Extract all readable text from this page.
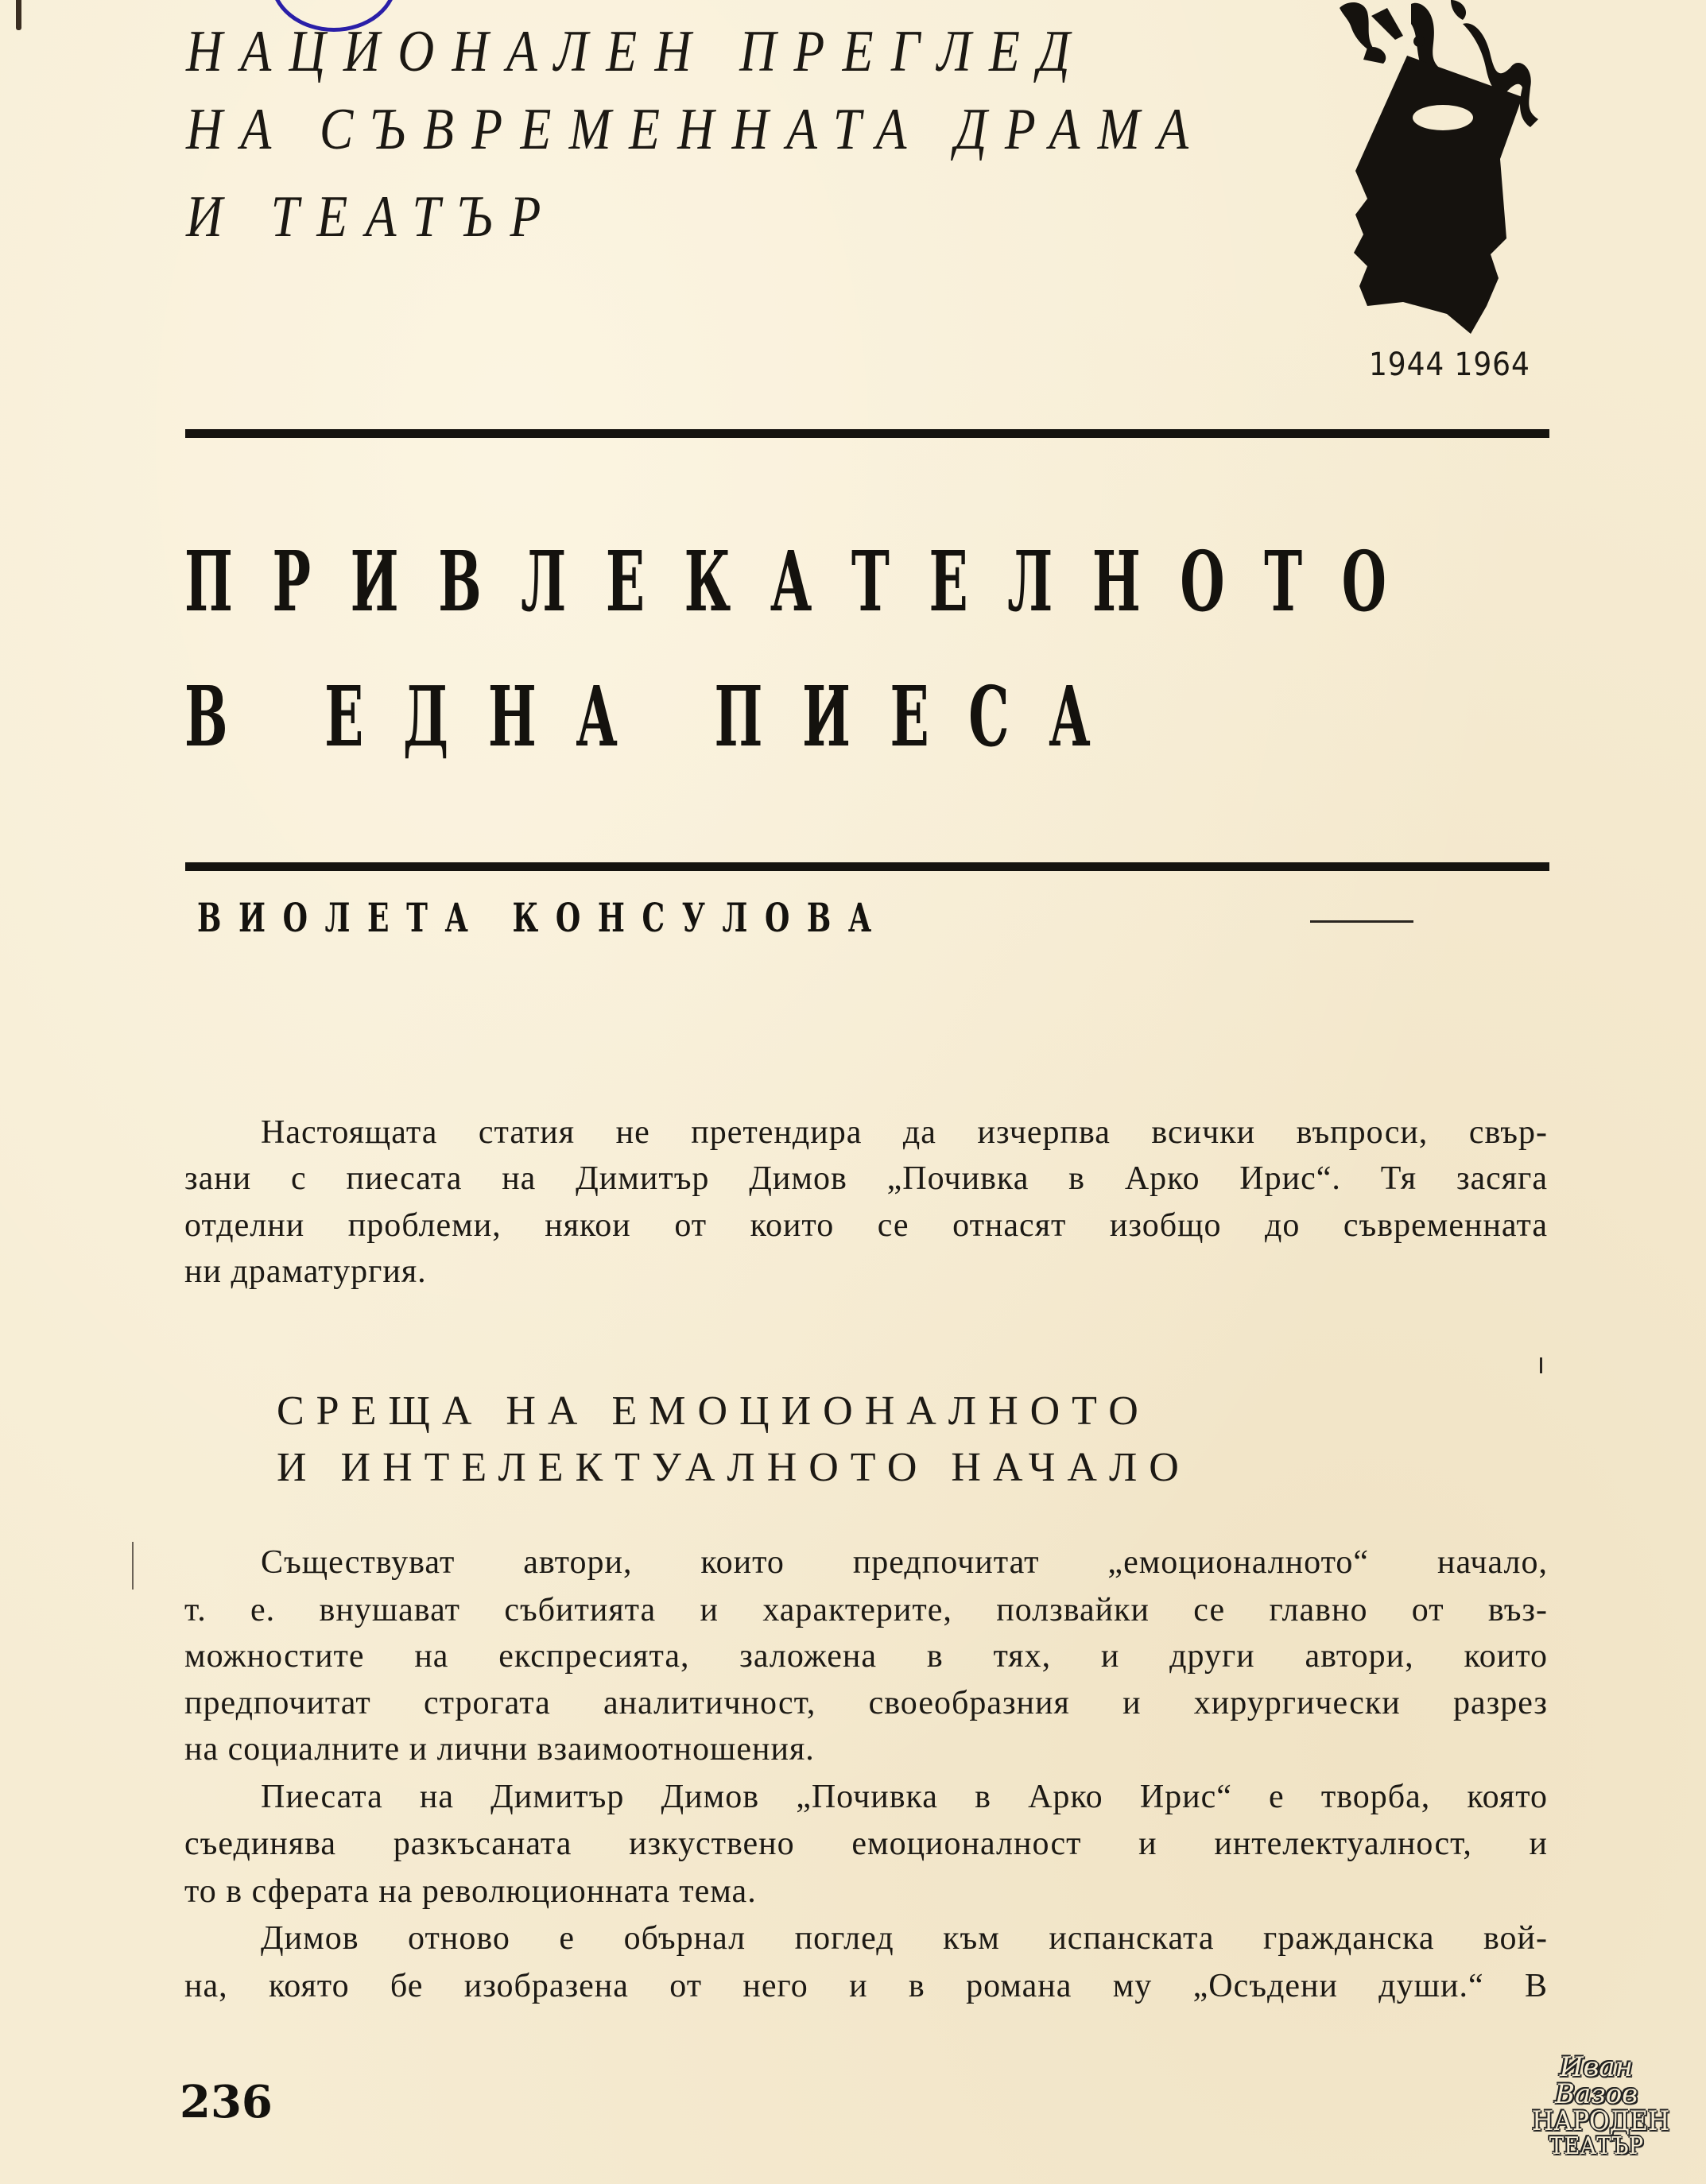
НАЦИОНАЛЕН ПРЕГЛЕД
НА СЪВРЕМЕННАТА ДРАМА
И ТЕАТЪР
1944 1964
ПРИВЛЕКАТЕЛНОТО
В ЕДНА ПИЕСА
ВИОЛЕТА КОНСУЛОВА
Настоящата статия не претендира да изчерпва всички въпроси, свър-
зани с пиесата на Димитър Димов „Почивка в Арко Ирис“. Тя засяга
отделни проблеми, някои от които се отнасят изобщо до съвременната
ни драматургия.
СРЕЩА НА ЕМОЦИОНАЛНОТО
И ИНТЕЛЕКТУАЛНОТО НАЧАЛО
Съществуват автори, които предпочитат „емоционалното“ начало,
т. е. внушават събитията и характерите, ползвайки се главно от въз-
можностите на експресията, заложена в тях, и други автори, които
предпочитат строгата аналитичност, своеобразния и хирургически разрез
на социалните и лични взаимоотношения.
Пиесата на Димитър Димов „Почивка в Арко Ирис“ е творба, която
съединява разкъсаната изкуствено емоционалност и интелектуалност, и
то в сферата на революционната тема.
Димов отново е обърнал поглед към испанската гражданска вой-
на, която бе изобразена от него и в романа му „Осъдени души.“ В
236
Иван Вазов
НАРОДЕН
ТЕАТЪР
